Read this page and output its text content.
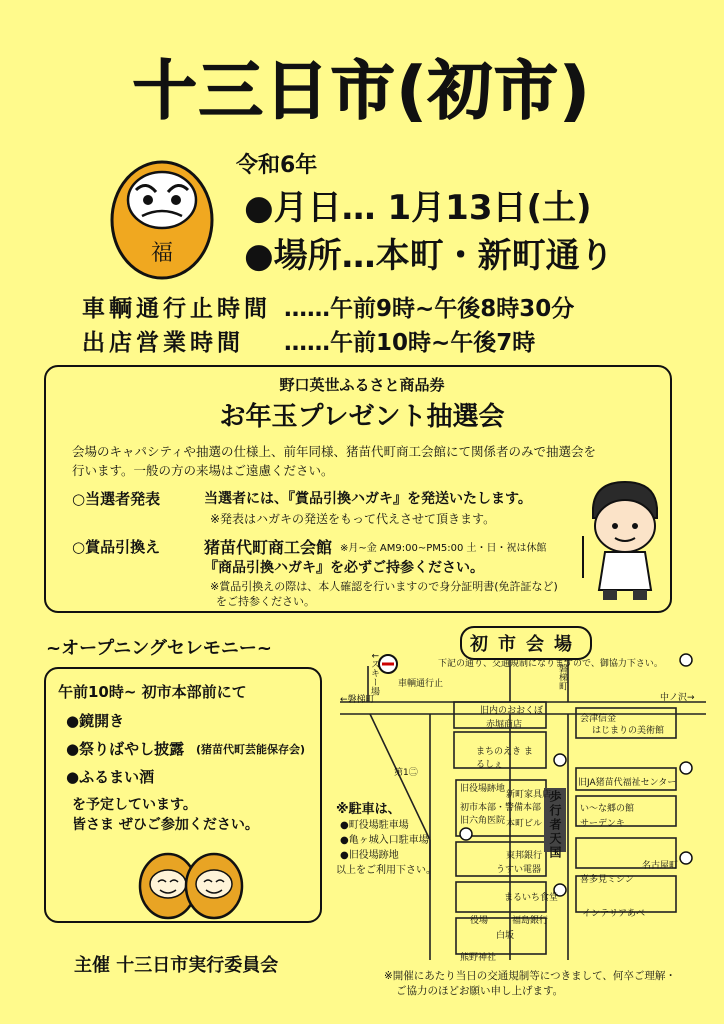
十三日市(初市)
福
令和6年
●月日… 1月13日(土)
●場所…本町・新町通り
車輌通行止時間 ……午前9時~午後8時30分
出店営業時間 ……午前10時~午後7時
野口英世ふるさと商品券
お年玉プレゼント抽選会
会場のキャパシティや抽選の仕様上、前年同様、猪苗代町商工会館にて関係者のみで抽選会を
行います。一般の方の来場はご遠慮ください。
○当選者発表	当選者には、『賞品引換ハガキ』を発送いたします。
※発表はハガキの発送をもって代えさせて頂きます。
○賞品引換え	猪苗代町商工会館 ※月~金 AM9:00~PM5:00 土・日・祝は休館
『商品引換ハガキ』を必ずご持参ください。
※賞品引換えの際は、本人確認を行いますので身分証明書(免許証など)
をご持参ください。
~オープニングセレモニー~
午前10時~ 初市本部前にて
●鏡開き
●祭りばやし披露 (猪苗代町芸能保存会)
●ふるまい酒
を予定しています。
皆さま ぜひご参加ください。
主催 十三日市実行委員会
初市会場
下記の通り、交通規制になりますので、御協力下さい。
車輌通行止
↓スキー場
←磐梯町
↑磐梯町
中ノ沢→
歩行者天国
旧内のおおくぼ
赤堀商店
まちのえき まるしぇ
旧役場跡地
初市本部・警備本部 旧六角医院
新町家具店
本町ビル
東邦銀行
うすい電器
まるいち食堂
役場	福島銀行
白坂
会津信金
はじまりの美術館
旧JA猪苗代福祉センター
い〜な郷の館
サーデンキ
名古屋町
喜多見ミシン
インテリアあべ
熊野神社
第1㊁
※駐車は、
●町役場駐車場
●亀ヶ城入口駐車場
●旧役場跡地
以上をご利用下さい。
※開催にあたり当日の交通規制等につきまして、何卒ご理解・
ご協力のほどお願い申し上げます。
